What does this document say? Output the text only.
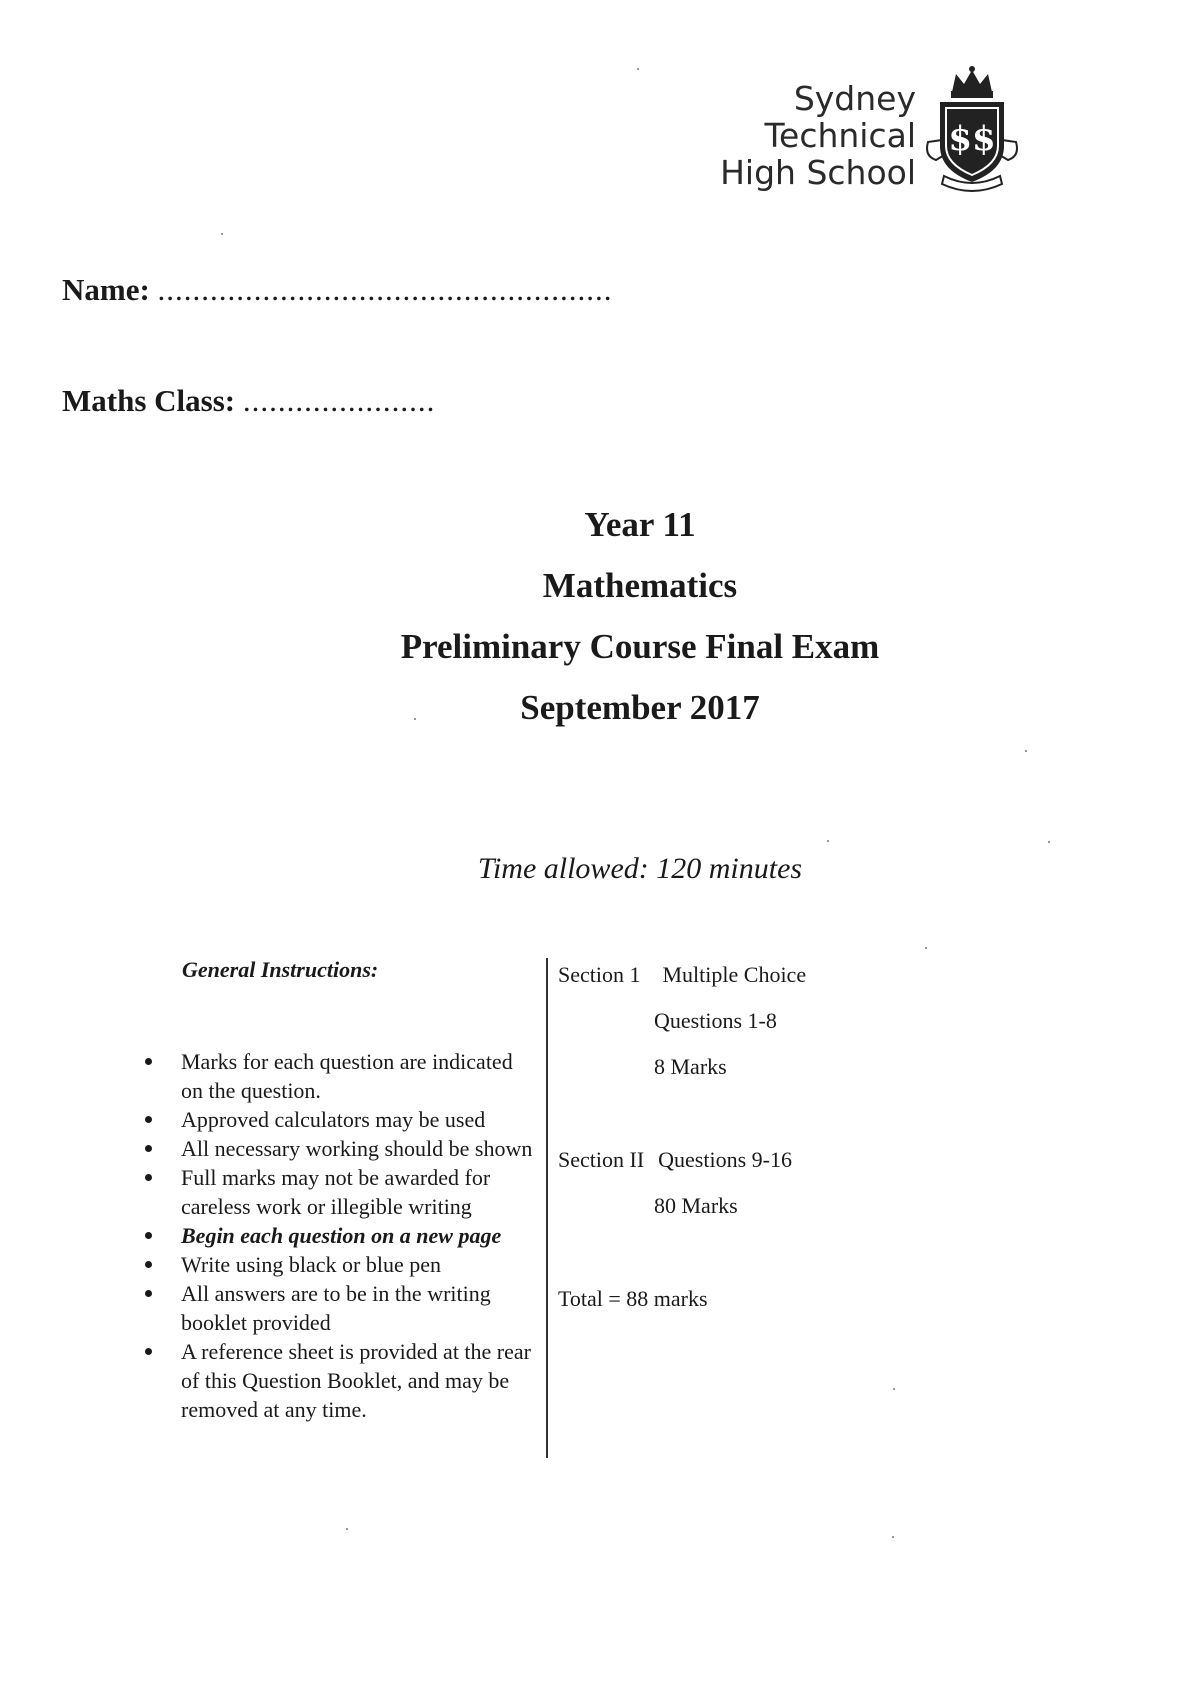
Sydney
Technical
High School
$$
Name: ....................................................
Maths Class: ......................
Year 11
Mathematics
Preliminary Course Final Exam
September 2017
Time allowed: 120 minutes
General Instructions:
Marks for each question are indicated on the question.
Approved calculators may be used
All necessary working should be shown
Full marks may not be awarded for careless work or illegible writing
Begin each question on a new page
Write using black or blue pen
All answers are to be in the writing booklet provided
A reference sheet is provided at the rear of this Question Booklet, and may be removed at any time.
Section 1 Multiple Choice
Questions 1-8
8 Marks
Section II Questions 9-16
80 Marks
Total = 88 marks
